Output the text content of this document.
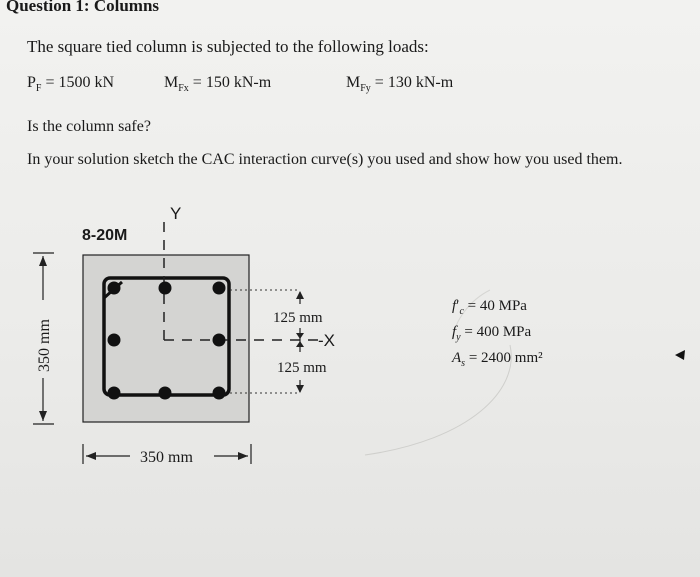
Question 1: Columns
The square tied column is subjected to the following loads:
$P_F = 1500$ kN	$M_{Fx} = 150$ kN-m	$M_{Fy} = 130$ kN-m
Is the column safe?
In your solution sketch the CAC interaction curve(s) you used and show how you used them.
8-20M
Y
-X
125 mm
125 mm
350 mm
350 mm
$f'_c = 40$ MPa
$f_y = 400$ MPa
$A_s = 2400$ mm²
